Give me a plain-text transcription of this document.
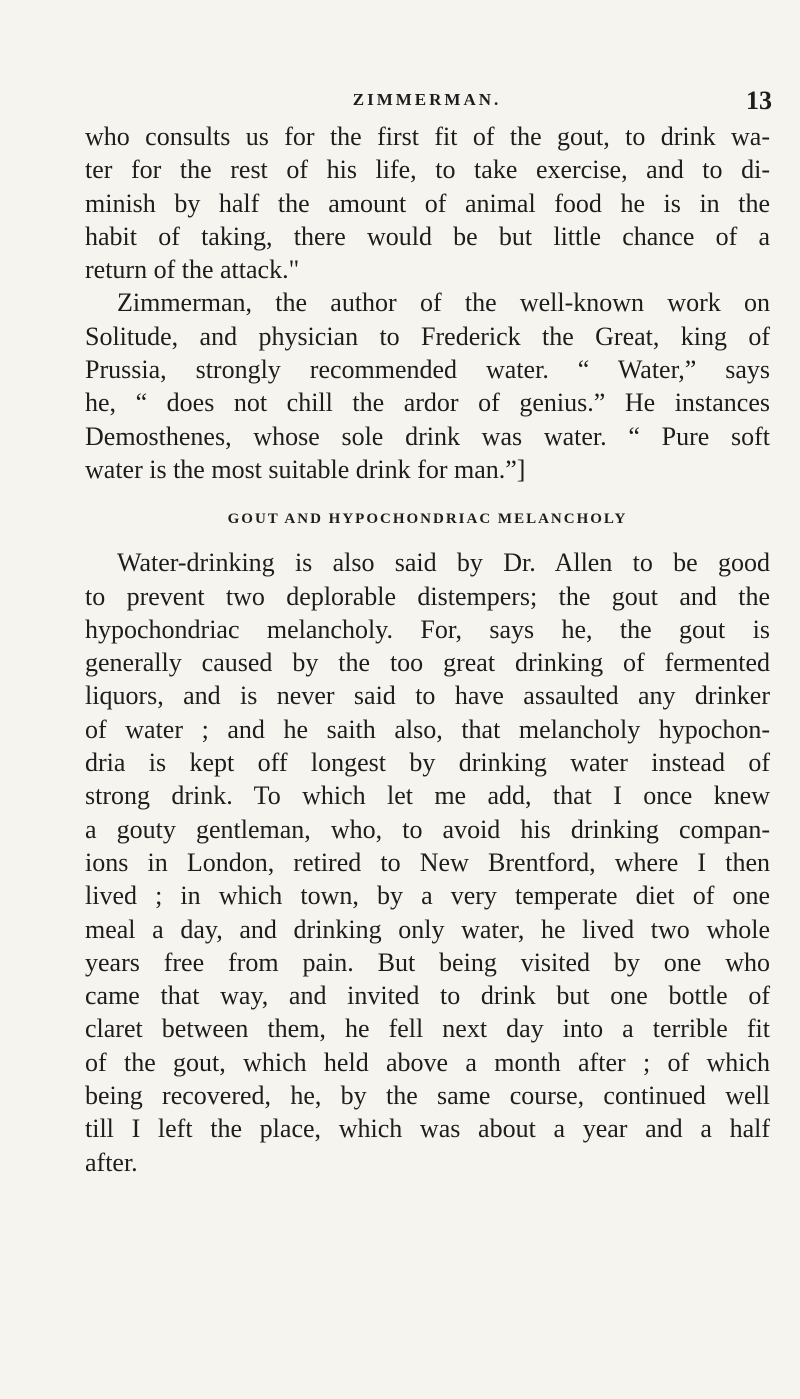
ZIMMERMAN.	13
who consults us for the first fit of the gout, to drink wa-
ter for the rest of his life, to take exercise, and to di-
minish by half the amount of animal food he is in the
habit of taking, there would be but little chance of a
return of the attack."
Zimmerman, the author of the well-known work on
Solitude, and physician to Frederick the Great, king of
Prussia, strongly recommended water. “ Water,” says
he, “ does not chill the ardor of genius.” He instances
Demosthenes, whose sole drink was water. “ Pure soft
water is the most suitable drink for man.”]
GOUT AND HYPOCHONDRIAC MELANCHOLY
Water-drinking is also said by Dr. Allen to be good
to prevent two deplorable distempers; the gout and the
hypochondriac melancholy. For, says he, the gout is
generally caused by the too great drinking of fermented
liquors, and is never said to have assaulted any drinker
of water ; and he saith also, that melancholy hypochon-
dria is kept off longest by drinking water instead of
strong drink. To which let me add, that I once knew
a gouty gentleman, who, to avoid his drinking compan-
ions in London, retired to New Brentford, where I then
lived ; in which town, by a very temperate diet of one
meal a day, and drinking only water, he lived two whole
years free from pain. But being visited by one who
came that way, and invited to drink but one bottle of
claret between them, he fell next day into a terrible fit
of the gout, which held above a month after ; of which
being recovered, he, by the same course, continued well
till I left the place, which was about a year and a half
after.
